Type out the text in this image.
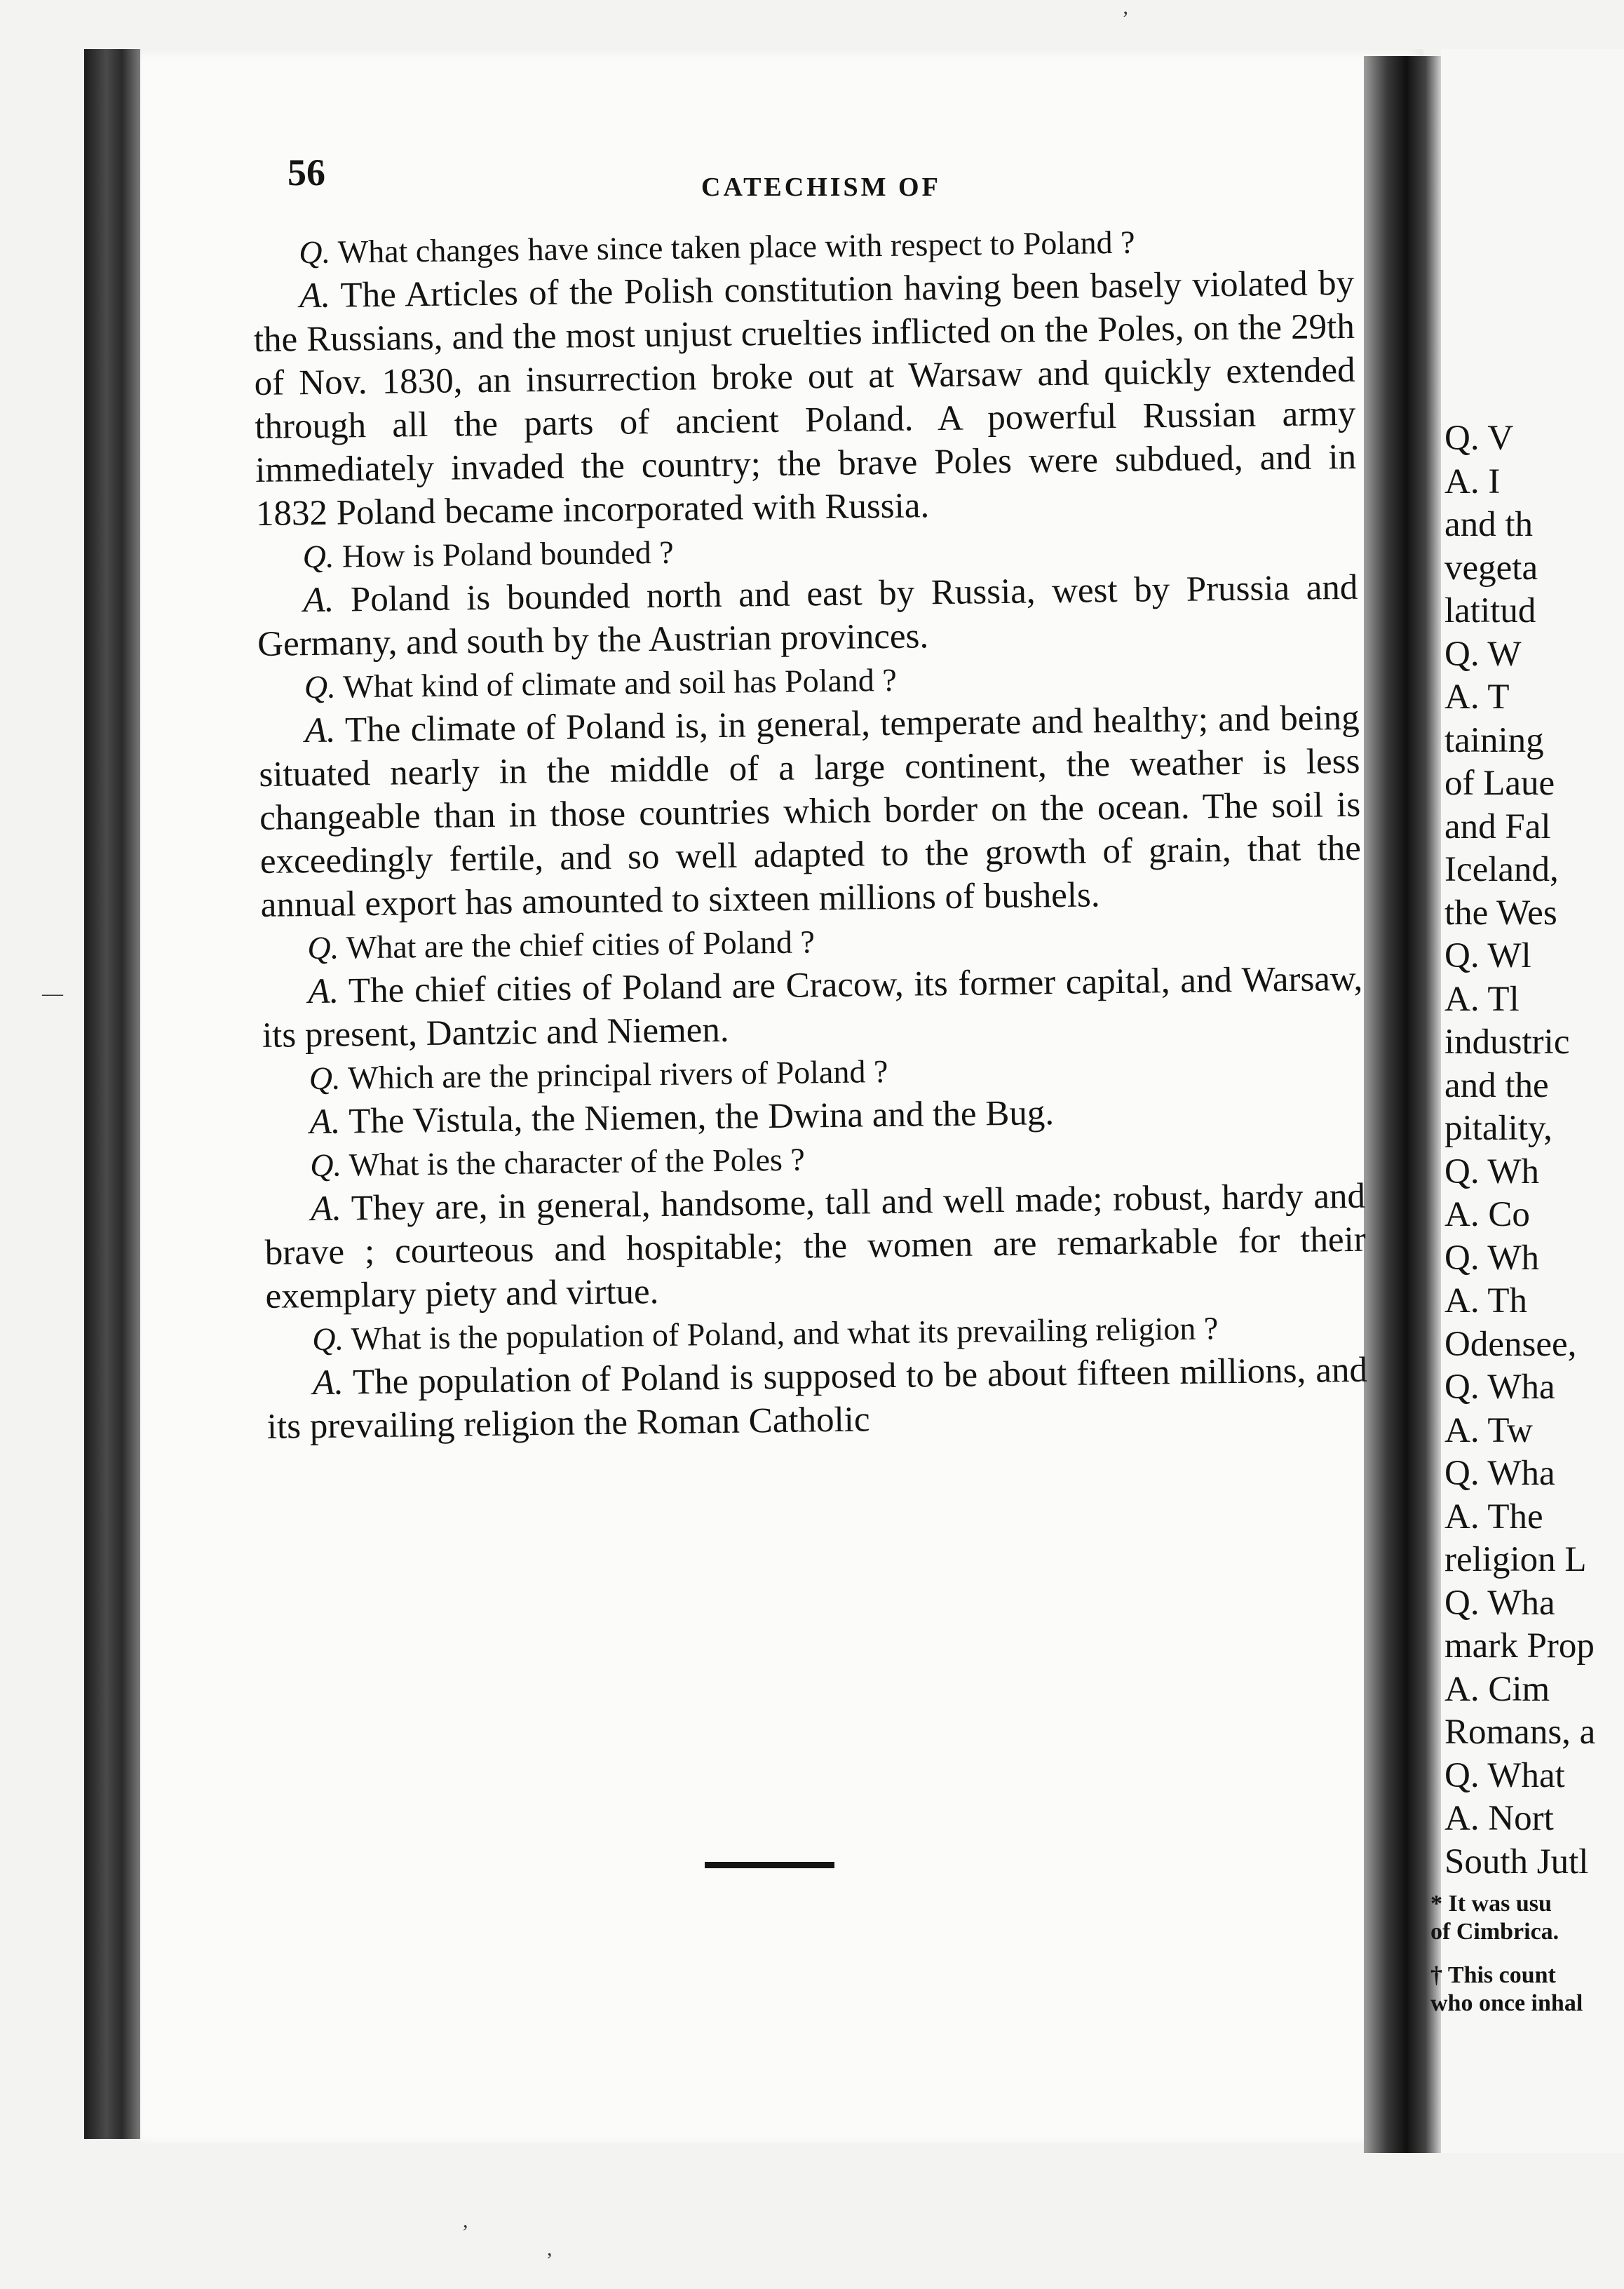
56	CATECHISM OF

Q. What changes have since taken place with respect to Poland ?

A. The Articles of the Polish constitution having been basely violated by the Russians, and the most unjust cruelties inflicted on the Poles, on the 29th of Nov. 1830, an insurrection broke out at Warsaw and quickly extended through all the parts of ancient Poland. A powerful Russian army immediately invaded the country; the brave Poles were subdued, and in 1832 Poland became incorporated with Russia.

Q. How is Poland bounded ?

A. Poland is bounded north and east by Russia, west by Prussia and Germany, and south by the Austrian provinces.

Q. What kind of climate and soil has Poland ?

A. The climate of Poland is, in general, temperate and healthy; and being situated nearly in the middle of a large continent, the weather is less changeable than in those countries which border on the ocean. The soil is exceedingly fertile, and so well adapted to the growth of grain, that the annual export has amounted to sixteen millions of bushels.

Q. What are the chief cities of Poland ?

A. The chief cities of Poland are Cracow, its former capital, and Warsaw, its present, Dantzic and Niemen.

Q. Which are the principal rivers of Poland ?

A. The Vistula, the Niemen, the Dwina and the Bug.

Q. What is the character of the Poles ?

A. They are, in general, handsome, tall and well made; robust, hardy and brave ; courteous and hospitable; the women are remarkable for their exemplary piety and virtue.

Q. What is the population of Poland, and what its prevailing religion ?

A. The population of Poland is supposed to be about fifteen millions, and its prevailing religion the Roman Catholic

Q. V

A. I

and th

vegeta

latitud

Q. W

A. T

taining

of Laue

and Fal

Iceland,

the Wes

Q. Wl

A. Tl

industric

and the

pitality,

Q. Wh

A. Co

Q. Wh

A. Th

Odensee,

Q. Wha

A. Tw

Q. Wha

A. The

religion L

Q. Wha

mark Prop

A. Cim

Romans, a

Q. What

A. Nort

South Jutl

* It was usu

of Cimbrica.

† This count

who once inhal

’
—
,
,
